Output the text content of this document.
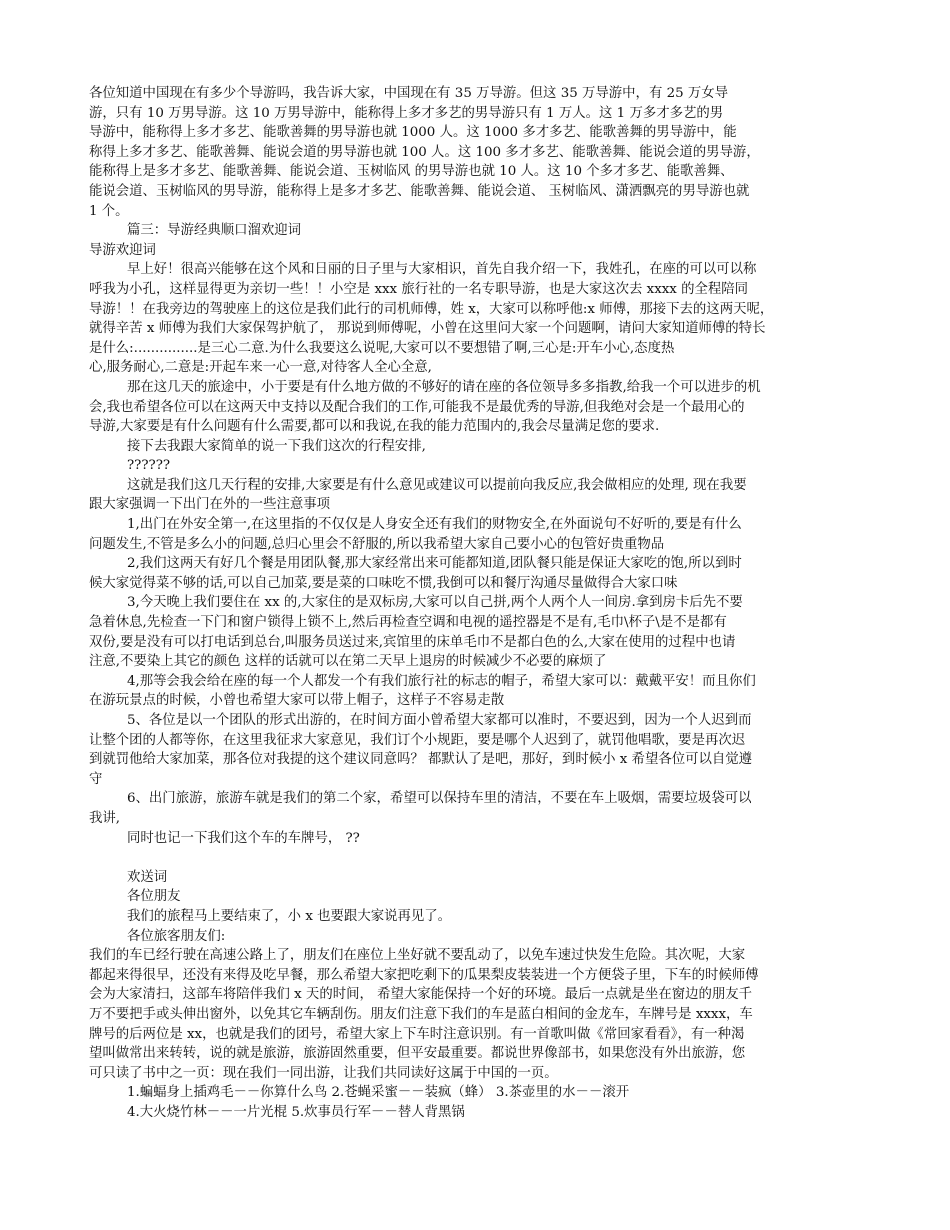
各位知道中国现在有多少个导游吗，我告诉大家，中国现在有 35 万导游。但这 35 万导游中，有 25 万女导
游，只有 10 万男导游。这 10 万男导游中，能称得上多才多艺的男导游只有 1 万人。这 1 万多才多艺的男
导游中，能称得上多才多艺、能歌善舞的男导游也就 1000 人。这 1000 多才多艺、能歌善舞的男导游中，能
称得上多才多艺、能歌善舞、能说会道的男导游也就 100 人。这 100 多才多艺、能歌善舞、能说会道的男导游，
能称得上是多才多艺、能歌善舞、能说会道、玉树临风 的男导游也就 10 人。这 10 个多才多艺、能歌善舞、
能说会道、玉树临风的男导游，能称得上是多才多艺、能歌善舞、能说会道、 玉树临风、潇洒飘亮的男导游也就
1 个。
篇三：导游经典顺口溜欢迎词
导游欢迎词
早上好！很高兴能够在这个风和日丽的日子里与大家相识，首先自我介绍一下，我姓孔，在座的可以可以称
呼我为小孔，这样显得更为亲切一些！！小空是 xxx 旅行社的一名专职导游，也是大家这次去 xxxx 的全程陪同
导游！！在我旁边的驾驶座上的这位是我们此行的司机师傅，姓 x，大家可以称呼他:x 师傅，那接下去的这两天呢，
就得辛苦 x 师傅为我们大家保驾护航了， 那说到师傅呢，小曾在这里问大家一个问题啊，请问大家知道师傅的特长
是什么:...............是三心二意.为什么我要这么说呢,大家可以不要想错了啊,三心是:开车小心,态度热
心,服务耐心,二意是:开起车来一心一意,对待客人全心全意,
那在这几天的旅途中，小于要是有什么地方做的不够好的请在座的各位领导多多指教,给我一个可以进步的机
会,我也希望各位可以在这两天中支持以及配合我们的工作,可能我不是最优秀的导游,但我绝对会是一个最用心的
导游,大家要是有什么问题有什么需要,都可以和我说,在我的能力范围内的,我会尽量满足您的要求.
接下去我跟大家简单的说一下我们这次的行程安排,
??????
这就是我们这几天行程的安排,大家要是有什么意见或建议可以提前向我反应,我会做相应的处理, 现在我要
跟大家强调一下出门在外的一些注意事项
1,出门在外安全第一,在这里指的不仅仅是人身安全还有我们的财物安全,在外面说句不好听的,要是有什么
问题发生,不管是多么小的问题,总归心里会不舒服的,所以我希望大家自己要小心的包管好贵重物品
2,我们这两天有好几个餐是用团队餐,那大家经常出来可能都知道,团队餐只能是保证大家吃的饱,所以到时
候大家觉得菜不够的话,可以自己加菜,要是菜的口味吃不惯,我倒可以和餐厅沟通尽量做得合大家口味
3,今天晚上我们要住在 xx 的,大家住的是双标房,大家可以自己拼,两个人两个人一间房.拿到房卡后先不要
急着休息,先检查一下门和窗户锁得上锁不上,然后再检查空调和电视的遥控器是不是有,毛巾\杯子\是不是都有
双份,要是没有可以打电话到总台,叫服务员送过来,宾馆里的床单毛巾不是都白色的么,大家在使用的过程中也请
注意,不要染上其它的颜色 这样的话就可以在第二天早上退房的时候减少不必要的麻烦了
4,那等会我会给在座的每一个人都发一个有我们旅行社的标志的帽子，希望大家可以：戴戴平安！而且你们
在游玩景点的时候，小曾也希望大家可以带上帽子，这样子不容易走散
5、各位是以一个团队的形式出游的，在时间方面小曾希望大家都可以准时，不要迟到，因为一个人迟到而
让整个团的人都等你，在这里我征求大家意见，我们订个小规距，要是哪个人迟到了，就罚他唱歌，要是再次迟
到就罚他给大家加菜，那各位对我提的这个建议同意吗？ 都默认了是吧，那好，到时候小 x 希望各位可以自觉遵
守
6、出门旅游，旅游车就是我们的第二个家，希望可以保持车里的清洁，不要在车上吸烟，需要垃圾袋可以
我讲,
同时也记一下我们这个车的车牌号， ??
欢送词
各位朋友
我们的旅程马上要结束了，小 x 也要跟大家说再见了。
各位旅客朋友们:
我们的车已经行驶在高速公路上了，朋友们在座位上坐好就不要乱动了，以免车速过快发生危险。其次呢，大家
都起来得很早，还没有来得及吃早餐，那么希望大家把吃剩下的瓜果梨皮装装进一个方便袋子里，下车的时候师傅
会为大家清扫，这部车将陪伴我们 x 天的时间， 希望大家能保持一个好的环境。最后一点就是坐在窗边的朋友千
万不要把手或头伸出窗外，以免其它车辆刮伤。朋友们注意下我们的车是蓝白相间的金龙车，车牌号是 xxxx，车
牌号的后两位是 xx，也就是我们的团号，希望大家上下车时注意识别。有一首歌叫做《常回家看看》，有一种渴
望叫做常出来转转，说的就是旅游，旅游固然重要，但平安最重要。都说世界像部书，如果您没有外出旅游，您
可只读了书中之一页：现在我们一同出游，让我们共同读好这属于中国的一页。
1.蝙蝠身上插鸡毛－－你算什么鸟 2.苍蝇采蜜－－装疯（蜂） 3.茶壶里的水－－滚开
4.大火烧竹林－－一片光棍 5.炊事员行军－－替人背黑锅
